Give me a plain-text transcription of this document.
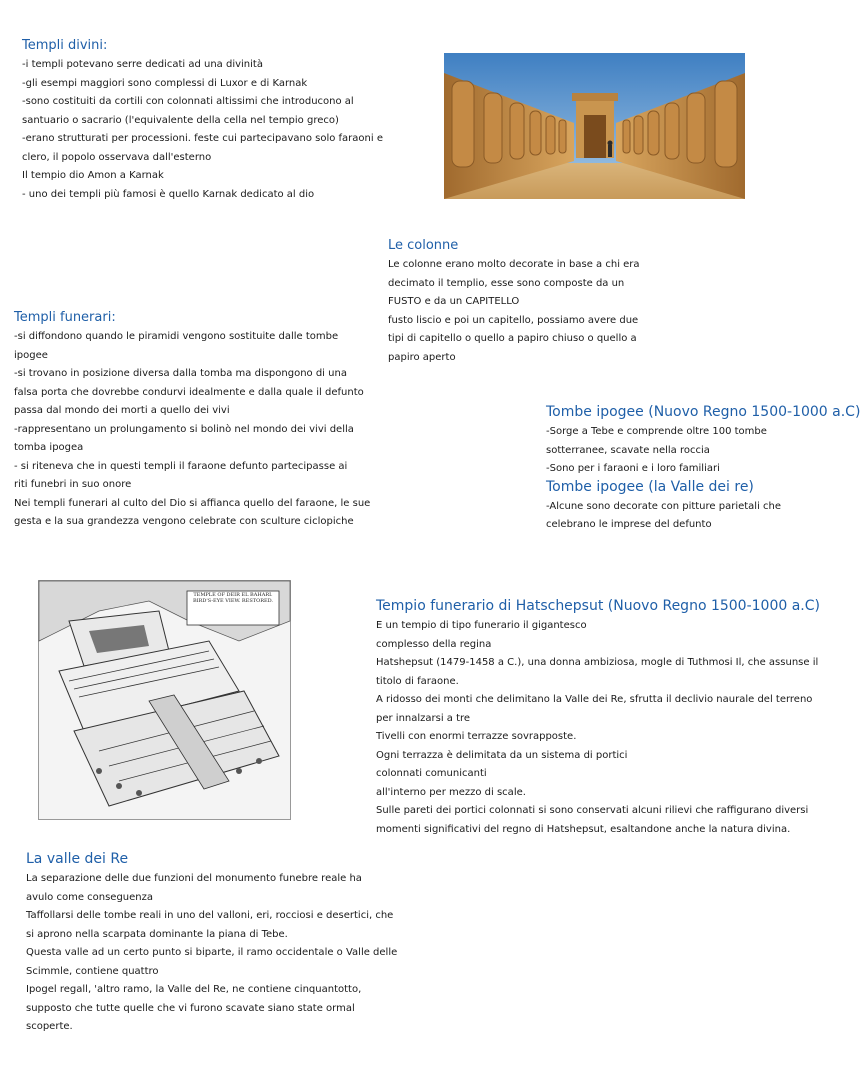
Templi divini:
-i templi potevano serre dedicati ad una divinità
-gli esempi maggiori sono complessi di Luxor e di Karnak
-sono costituiti da cortili con colonnati altissimi che introducono al
santuario o sacrario (l'equivalente della cella nel tempio greco)
-erano strutturati per processioni. feste cui partecipavano solo faraoni e
clero, il popolo osservava dall'esterno
Il tempio dio Amon a Karnak
- uno dei templi più famosi è quello Karnak dedicato al dio
Le colonne
Le colonne erano molto decorate in base a chi era
decimato il templio, esse sono composte da un
FUSTO e da un CAPITELLO
fusto liscio e poi un capitello, possiamo avere due
tipi di capitello o quello a papiro chiuso o quello a
papiro aperto
Templi funerari:
-si diffondono quando le piramidi vengono sostituite dalle tombe
ipogee
-si trovano in posizione diversa dalla tomba ma dispongono di una
falsa porta che dovrebbe condurvi idealmente e dalla quale il defunto
passa dal mondo dei morti a quello dei vivi
-rappresentano un prolungamento si bolinò nel mondo dei vivi della
tomba ipogea
- si riteneva che in questi templi il faraone defunto partecipasse ai
riti funebri in suo onore
Nei templi funerari al culto del Dio si affianca quello del faraone, le sue
gesta e la sua grandezza vengono celebrate con sculture ciclopiche
Tombe ipogee (Nuovo Regno 1500-1000 a.C)
-Sorge a Tebe e comprende oltre 100 tombe
sotterranee, scavate nella roccia
-Sono per i faraoni e i loro familiari
Tombe ipogee (la Valle dei re)
-Alcune sono decorate con pitture parietali che
celebrano le imprese del defunto
TEMPLE OF DEIR EL BAHARI. BIRD'S-EYE VIEW. RESTORED.	Tempio funerario di Hatschepsut (Nuovo Regno 1500-1000 a.C)
E un tempio di tipo funerario il gigantesco
complesso della regina
Hatshepsut (1479-1458 a C.), una donna ambiziosa, mogle di Tuthmosi Il, che assunse il
titolo di faraone.
A ridosso dei monti che delimitano la Valle dei Re, sfrutta il declivio naurale del terreno
per innalzarsi a tre
Tivelli con enormi terrazze sovrapposte.
Ogni terrazza è delimitata da un sistema di portici
colonnati comunicanti
all'interno per mezzo di scale.
Sulle pareti dei portici colonnati si sono conservati alcuni rilievi che raffigurano diversi
momenti significativi del regno di Hatshepsut, esaltandone anche la natura divina.
La valle dei Re
La separazione delle due funzioni del monumento funebre reale ha
avulo come conseguenza
Taffollarsi delle tombe reali in uno del valloni, eri, rocciosi e desertici, che
si aprono nella scarpata dominante la piana di Tebe.
Questa valle ad un certo punto si biparte, il ramo occidentale o Valle delle
Scimmle, contiene quattro
Ipogel regall, 'altro ramo, la Valle del Re, ne contiene cinquantotto,
supposto che tutte quelle che vi furono scavate siano state ormal
scoperte.
